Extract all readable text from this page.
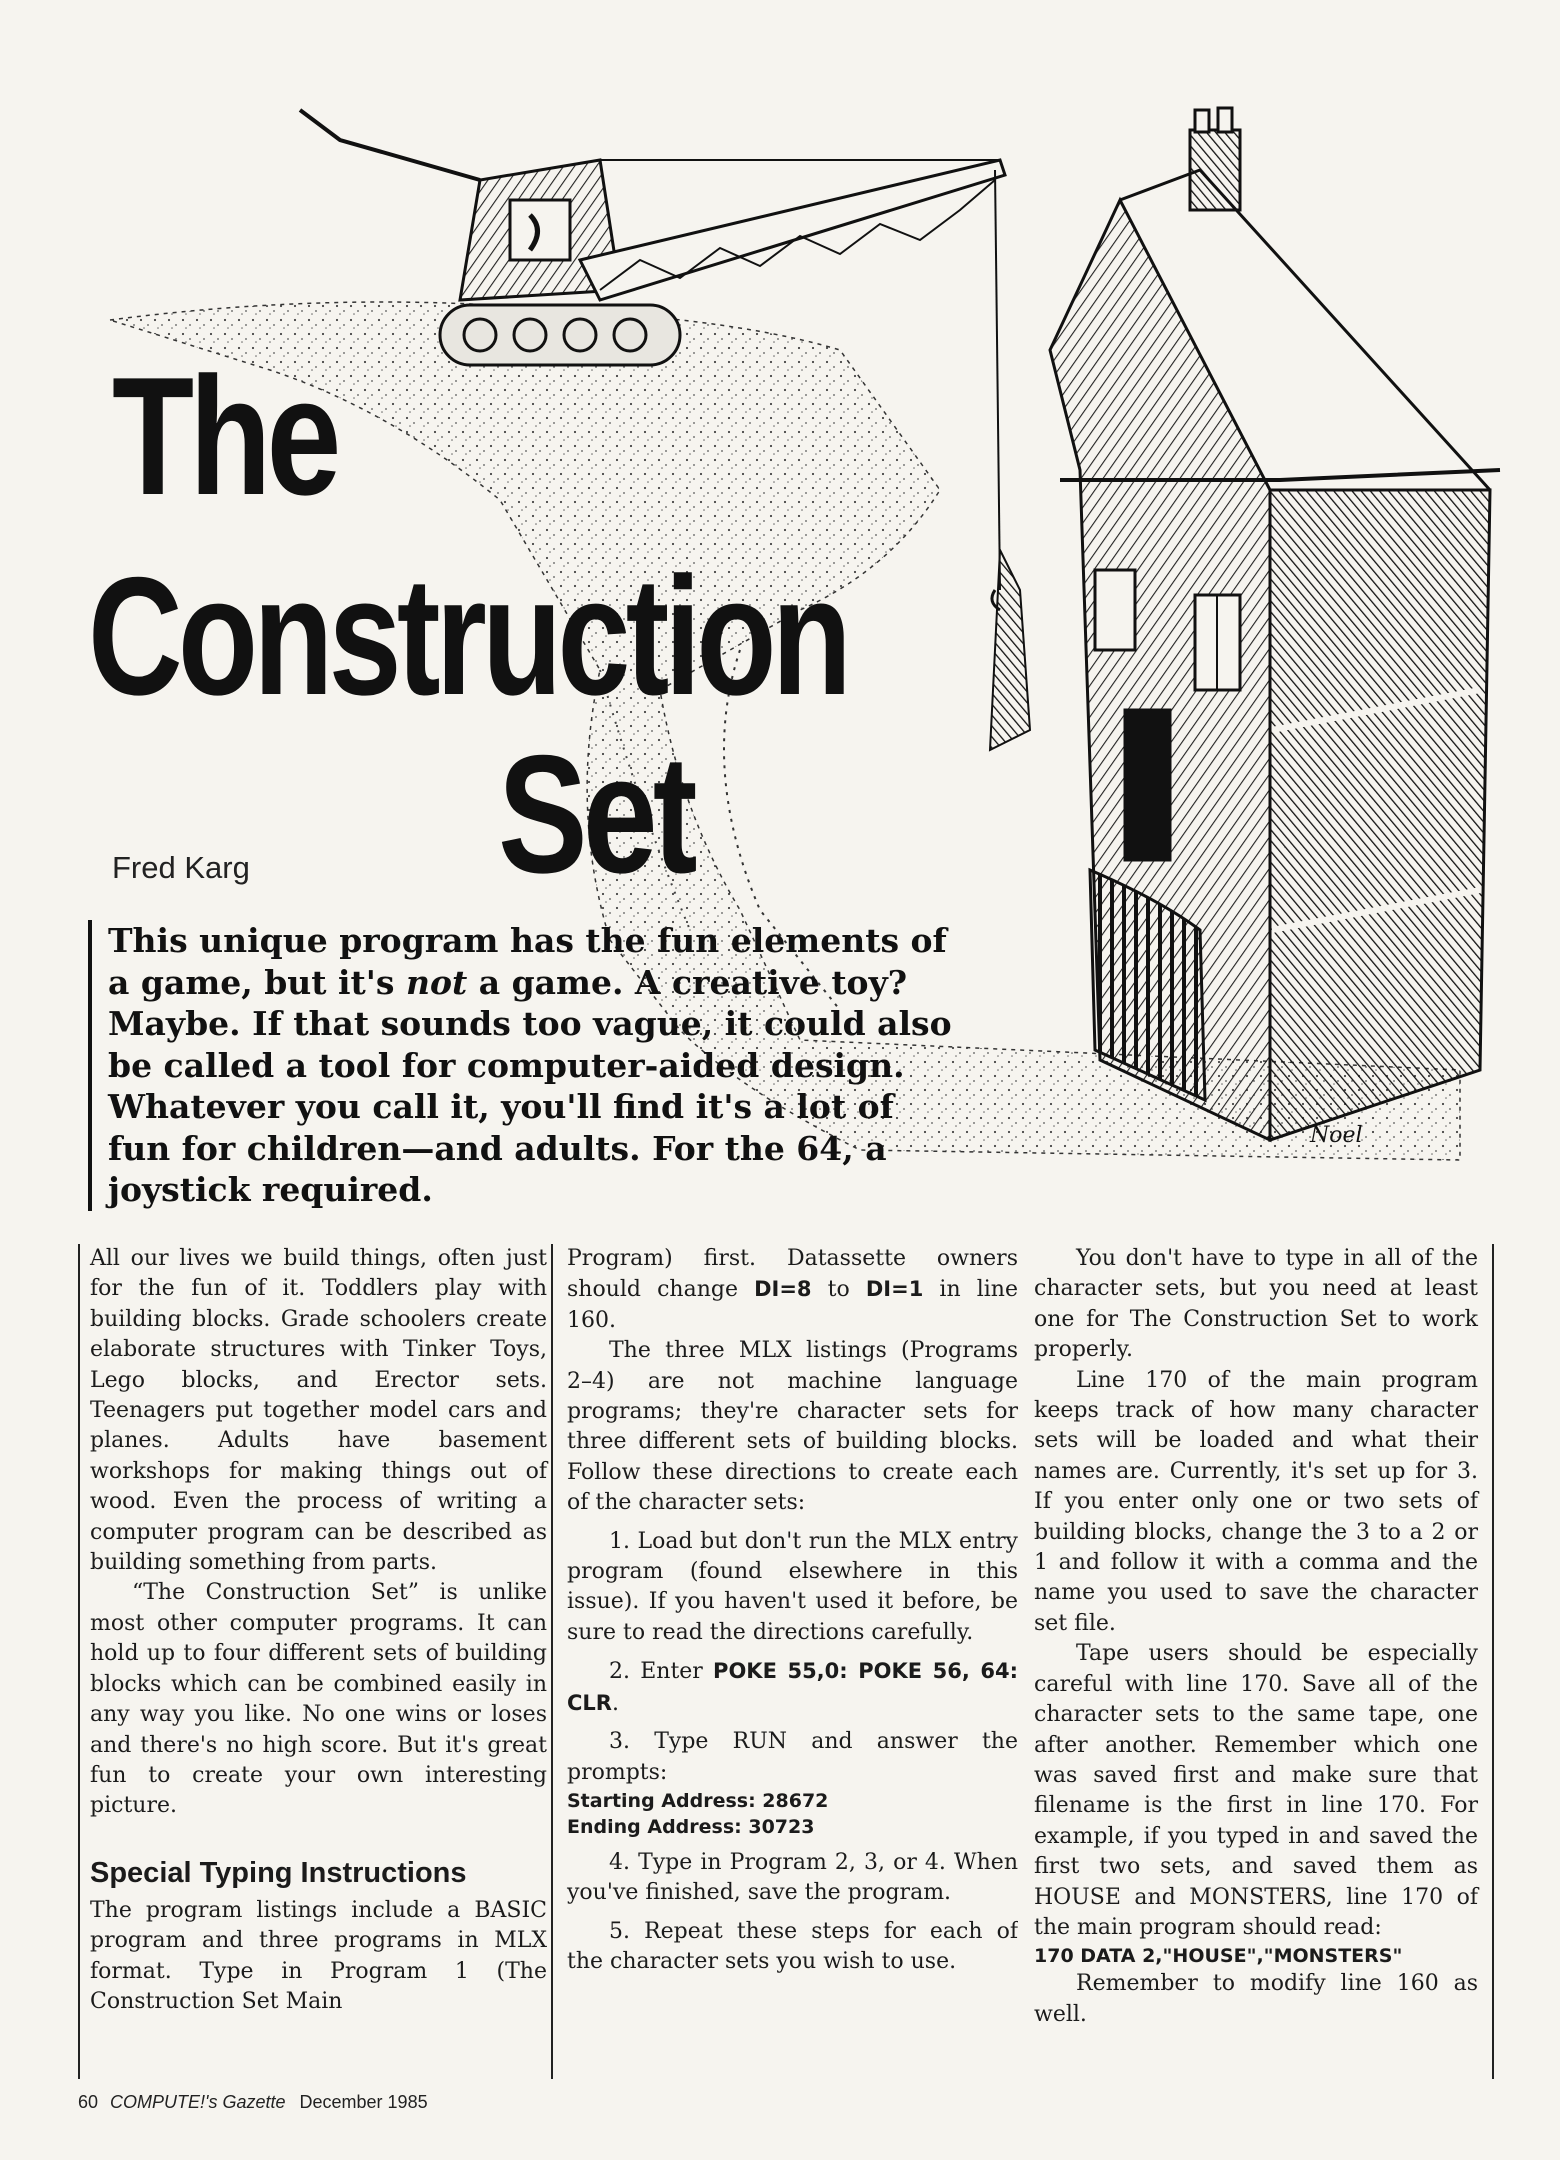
Noel
The
Construction
Set
Fred Karg
This unique program has the fun elements of a game, but it's not a game. A creative toy? Maybe. If that sounds too vague, it could also be called a tool for computer-aided design. Whatever you call it, you'll find it's a lot of fun for children—and adults. For the 64, a joystick required.

All our lives we build things, often just for the fun of it. Toddlers play with building blocks. Grade schoolers create elaborate structures with Tinker Toys, Lego blocks, and Erector sets. Teenagers put together model cars and planes. Adults have basement workshops for making things out of wood. Even the process of writing a computer program can be described as building something from parts.

“The Construction Set” is unlike most other computer programs. It can hold up to four different sets of building blocks which can be combined easily in any way you like. No one wins or loses and there's no high score. But it's great fun to create your own interesting picture.

Special Typing Instructions

The program listings include a BASIC program and three programs in MLX format. Type in Program 1 (The Construction Set Main

Program) first. Datassette owners should change DI=8 to DI=1 in line 160.

The three MLX listings (Programs 2–4) are not machine language programs; they're character sets for three different sets of building blocks. Follow these directions to create each of the character sets:

1. Load but don't run the MLX entry program (found elsewhere in this issue). If you haven't used it before, be sure to read the directions carefully.

2. Enter POKE 55,0: POKE 56, 64: CLR.

3. Type RUN and answer the prompts:

Starting Address: 28672

Ending Address: 30723

4. Type in Program 2, 3, or 4. When you've finished, save the program.

5. Repeat these steps for each of the character sets you wish to use.

You don't have to type in all of the character sets, but you need at least one for The Construction Set to work properly.

Line 170 of the main program keeps track of how many character sets will be loaded and what their names are. Currently, it's set up for 3. If you enter only one or two sets of building blocks, change the 3 to a 2 or 1 and follow it with a comma and the name you used to save the character set file.

Tape users should be especially careful with line 170. Save all of the character sets to the same tape, one after another. Remember which one was saved first and make sure that filename is the first in line 170. For example, if you typed in and saved the first two sets, and saved them as HOUSE and MONSTERS, line 170 of the main program should read:

170 DATA 2,"HOUSE","MONSTERS"

Remember to modify line 160 as well.

60 COMPUTE!'s Gazette December 1985
